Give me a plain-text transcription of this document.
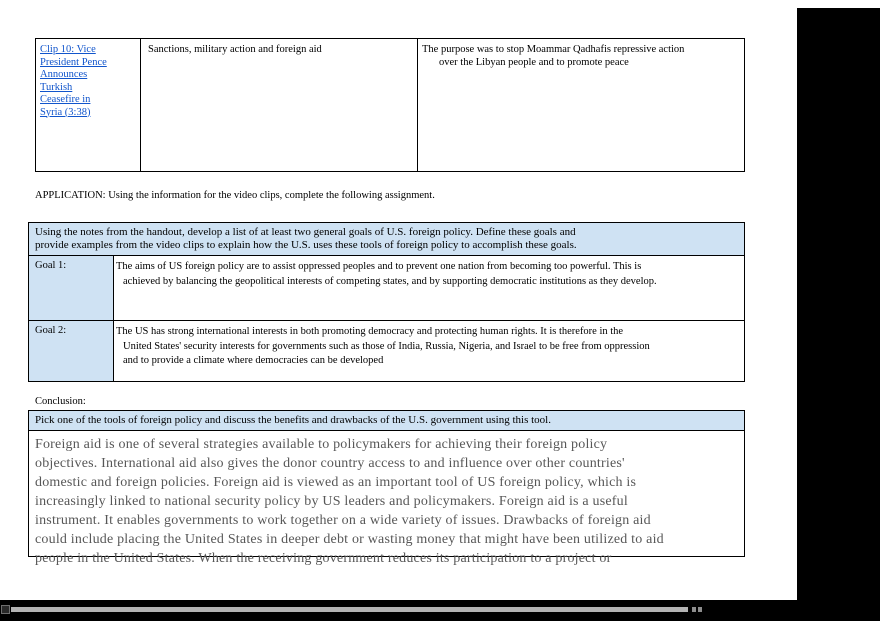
Clip 10: Vice
President Pence
Announces
Turkish
Ceasefire in
Syria (3:38)
Sanctions, military action and foreign aid	The purpose was to stop Moammar Qadhafis repressive action
over the Libyan people and to promote peace
APPLICATION: Using the information for the video clips, complete the following assignment.
Using the notes from the handout, develop a list of at least two general goals of U.S. foreign policy. Define these goals and
provide examples from the video clips to explain how the U.S. uses these tools of foreign policy to accomplish these goals.
Goal 1:	The aims of US foreign policy are to assist oppressed peoples and to prevent one nation from becoming too powerful. This is
achieved by balancing the geopolitical interests of competing states, and by supporting democratic institutions as they develop.
Goal 2:	The US has strong international interests in both promoting democracy and protecting human rights. It is therefore in the
United States' security interests for governments such as those of India, Russia, Nigeria, and Israel to be free from oppression
and to provide a climate where democracies can be developed
Conclusion:
Pick one of the tools of foreign policy and discuss the benefits and drawbacks of the U.S. government using this tool.
Foreign aid is one of several strategies available to policymakers for achieving their foreign policy
objectives. International aid also gives the donor country access to and influence over other countries'
domestic and foreign policies. Foreign aid is viewed as an important tool of US foreign policy, which is
increasingly linked to national security policy by US leaders and policymakers. Foreign aid is a useful
instrument. It enables governments to work together on a wide variety of issues. Drawbacks of foreign aid
could include placing the United States in deeper debt or wasting money that might have been utilized to aid
people in the United States. When the receiving government reduces its participation to a project or
